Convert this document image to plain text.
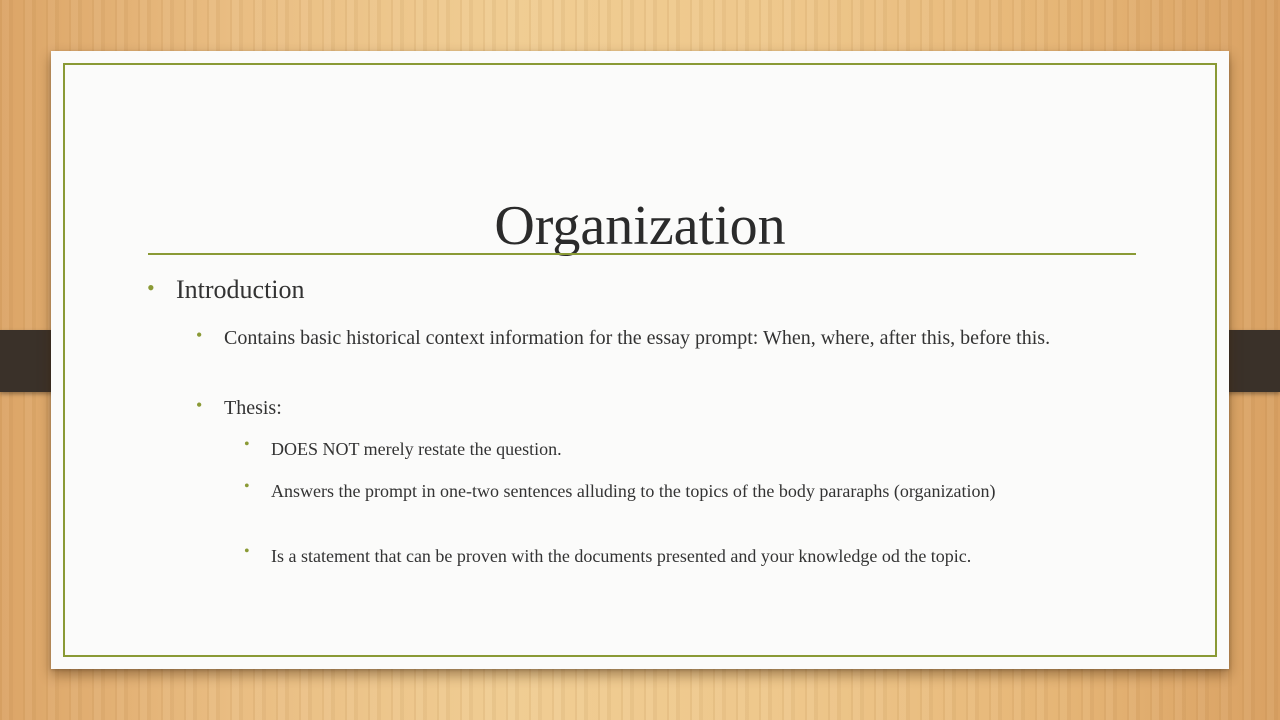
Organization
• Introduction
• Contains basic historical context information for the essay prompt: When, where, after this, before this.
• Thesis:
• DOES NOT merely restate the question.
• Answers the prompt in one-two sentences alluding to the topics of the body pararaphs (organization)
• Is a statement that can be proven with the documents presented and your knowledge od the topic.
